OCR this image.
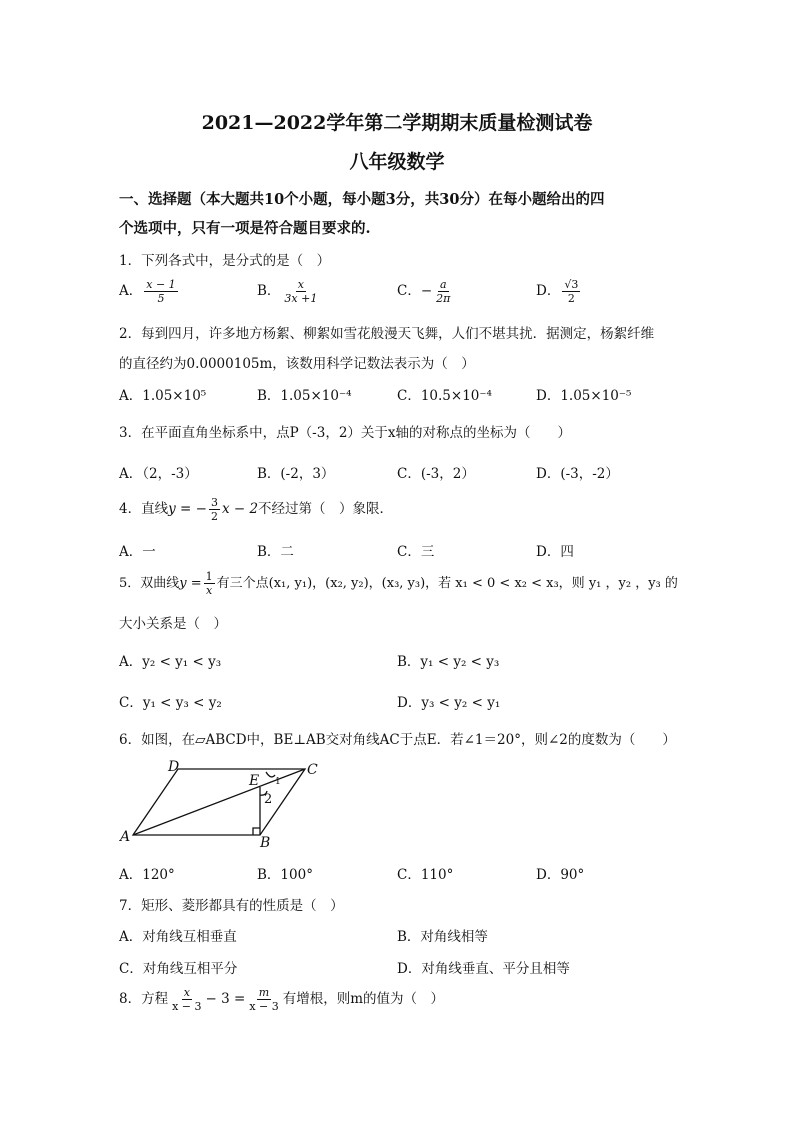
2021—2022学年第二学期期末质量检测试卷
八年级数学
一、选择题（本大题共10个小题，每小题3分，共30分）在每小题给出的四
个选项中，只有一项是符合题目要求的.
1．下列各式中，是分式的是（　）
A． $\frac{x - 1}{5}$	B． $\frac{x}{3x +1}$	C．− $\frac{a}{2\pi}$	D． $\frac{√3}{2}$
2．每到四月，许多地方杨絮、柳絮如雪花般漫天飞舞，人们不堪其扰．据测定，杨絮纤维
的直径约为0.0000105m，该数用科学记数法表示为（　）
A．1.05×10⁵	B．1.05×10⁻⁴	C．10.5×10⁻⁴	D．1.05×10⁻⁵
3．在平面直角坐标系中，点P（-3，2）关于x轴的对称点的坐标为（　　）
A．（2，-3）	B．(-2，3）	C．(-3，2）	D．(-3，-2）
4．直线y = − $\frac{3}{2}$ x − 2不经过第（　）象限．
A．一	B．二	C．三	D．四
5．双曲线$y = \frac{1}{x}$ 有三个点(x₁, y₁)，(x₂, y₂)，(x₃, y₃)，若 x₁ < 0 < x₂ < x₃，则 y₁ ，y₂ ，y₃ 的
大小关系是（　）
A．y₂ < y₁ < y₃	B．y₁ < y₂ < y₃
C．y₁ < y₃ < y₂	D．y₃ < y₂ < y₁
6．如图，在▱ABCD中，BE⊥AB交对角线AC于点E．若∠1＝20°，则∠2的度数为（　　）
A	B
C
D
E 1
2
A．120°	B．100°	C．110°	D．90°
7．矩形、菱形都具有的性质是（　）
A．对角线互相垂直	B．对角线相等
C．对角线互相平分	D．对角线垂直、平分且相等
8．方程 $\frac{x}{x - 3} - 3 = \frac{m}{x - 3}$ 有增根，则m的值为（　）
